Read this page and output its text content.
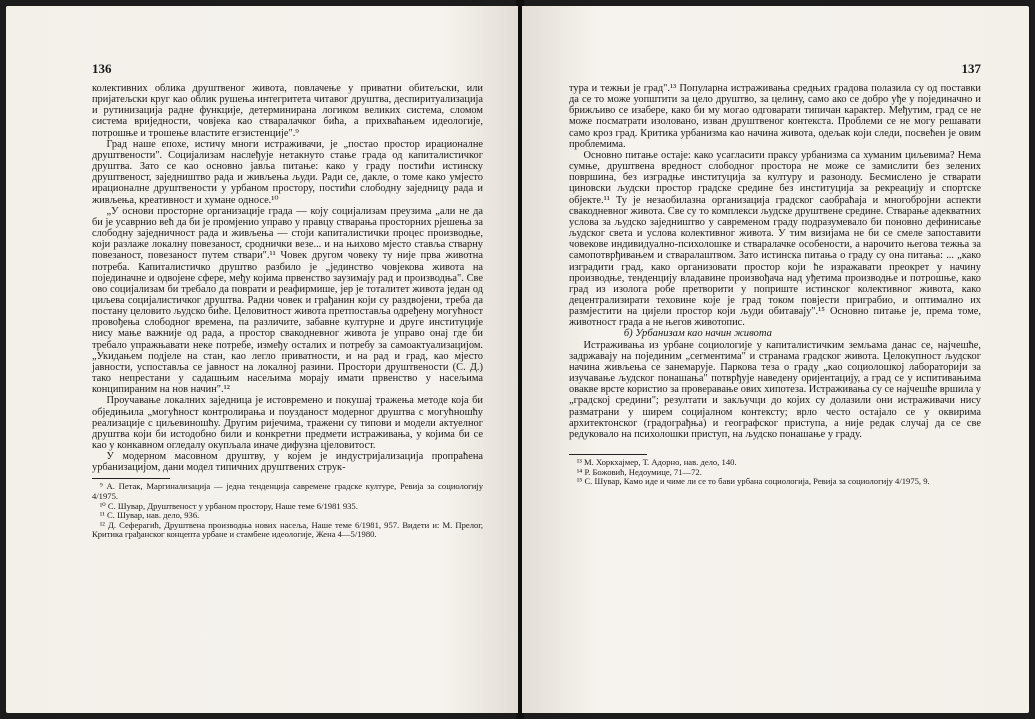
136

колективних облика друштвеног живота, повлачење у приватни обитељски, или пријатељски круг као облик рушења интегритета читавог друштва, деспиритуализација и рутинизација радне функције, детерминирана логиком великих система, сломом система вриједности, човјека као стваралачког бића, а прихваћањем идеологије, потрошње и трошење властите егзистенције".⁹

Град наше епохе, истичу многи истраживачи, је „постао простор ирационалне друштвености". Социјализам наслеђује нетакнуто стање града од капиталистичког друштва. Зато се као основно јавља питање: како у граду постићи истинску друштвеност, заједништво рада и живљења људи. Ради се, дакле, о томе како умјесто ирационалне друштвености у урбаном простору, постићи слободну заједницу рада и живљења, креативност и хумане односе.¹⁰

„У основи просторне организације града — коју социјализам преузима „али не да би је усаврнио већ да би је промјенио управо у правцу стварања просторних рјешења за слободну заједничност рада и живљења — стоји капиталистички процес производње, који разлаже локалну повезаност, сроднички везе... и на њихово мјесто ставља стварну повезаност, повезаност путем ствари".¹¹ Човек другом човеку ту није прва животна потреба. Капиталистичко друштво разбило је „јединство човјекова живота на појединачне и одвојене сфере, међу којима првенство заузимају рад и производња". Све ово социјализам би требало да поврати и реафирмише, јер је тоталитет живота један од циљева социјалистичког друштва. Радни човек и грађанин који су раздвојени, треба да постану целовито људско биће. Целовитност живота претпоставља одређену могућност провођења слободног времена, па различите, забавне културне и друге институције нису мање важније од рада, а простор свакодневног живота је управо онај где би требало упражњавати неке потребе, између осталих и потребу за самоактуализацијом. „Укидањем подјеле на стан, као легло приватности, и на рад и град, као мјесто јавности, успоставља се јавност на локалној разини. Простори друштвености (С. Д.) тако непрестани у садашњим насељима морају имати првенство у насељима конципираним на нов начин".¹²

Проучавање локалних заједница је истовремено и покушај тражења методе која би обједињила „могућност контролирања и поузданост модерног друштва с могућношћу реализације с циљевиношћу. Другим ријечима, тражени су типови и модели актуелног друштва који би истодобно били и конкретни предмети истраживања, у којима би се као у конкавном огледалу окупљала иначе дифузна цјеловитост.

У модерном масовном друштву, у којем је индустријализација пропраћена урбанизацијом, дани модел типичних друштвених струк-

⁹ А. Петак, Маргинализација — једна тенденција савремене градске културе, Ревија за социологију 4/1975.

¹⁰ С. Шувар, Друштвеност у урбаном простору, Наше теме 6/1981 935.

¹¹ С. Шувар, нав. дело, 936.

¹² Д. Сеферагић, Друштвена производња нових насеља, Наше теме 6/1981, 957. Видети и: М. Прелог, Критика грађанског концепта урбане и стамбене идеологије, Жена 4—5/1980.

137

тура и тежњи је град".¹³ Популарна истраживања средњих градова полазила су од поставки да се то може уопштити за цело друштво, за целину, само ако се добро уђе у појединачно и брижљиво се изабере, како би му могао одговарати типичан карактер. Међутим, град се не може посматрати изоловано, изван друштвеног контекста. Проблеми се не могу решавати само кроз град. Критика урбанизма као начина живота, одељак који следи, посвећен је овим проблемима.

Основно питање остаје: како усагласити праксу урбанизма са хуманим циљевима? Нема сумње, друштвена вредност слободног простора не може се замислити без зелених површина, без изградње институција за културу и разоноду. Бесмислено је стварати циновски људски простор градске средине без институција за рекреацију и спортске објекте.¹¹ Ту је незаобилазна организација градског саобраћаја и многобројни аспекти свакодневног живота. Све су то комплекси људске друштвене средине. Стварање адекватних услова за људско заједништво у савременом граду подразумевало би поновно дефинисање људског света и услова колективног живота. У тим визијама не би се смеле запоставити човекове индивидуално-психолошке и стваралачке особености, а нарочито његова тежња за самопотврђивањем и стваралаштвом. Зато истинска питања о граду су она питања: ... „како изградити град, како организовати простор који ће изражавати преокрет у начину производње, тенденцију владавине произвођача над уђетима производње и потрошње, како град из изолога робе претворити у поприште истинског колективног живота, како децентрализирати теховине које је град током повјести приграбио, и оптимално их размјестити на цијели простор који људи обитавају".¹⁵ Основно питање је, према томе, животност града а не његов животопис.

б) Урбанизам као начин живота

Истраживања из урбане социологије у капиталистичким земљама данас се, најчешће, задржавају на појединим „сегментима" и странама градског живота. Целокупност људског начина живљења се занемарује. Паркова теза о граду „као социолошкој лабораторији за изучавање људског понашања" потврђује наведену оријентацију, а град се у испитивањима овакве врсте користио за проверавање ових хипотеза. Истраживања су се најчешће вршила у „градској средини"; резултати и закључци до којих су долазили они истраживачи нису разматрани у ширем социјалном контексту; врло често остајало се у оквирима архитектонског (градограђња) и географског приступа, а није редак случај да се све редуковало на психолошки приступ, на људско понашање у граду.

¹³ М. Хоркхајмер, Т. Адорно, нав. дело, 140.

¹⁴ Р. Божовић, Недоумице, 71—72.

¹⁵ С. Шувар, Камо иде и чиме ли се то бави урбана социологија, Ревија за социологију 4/1975, 9.
